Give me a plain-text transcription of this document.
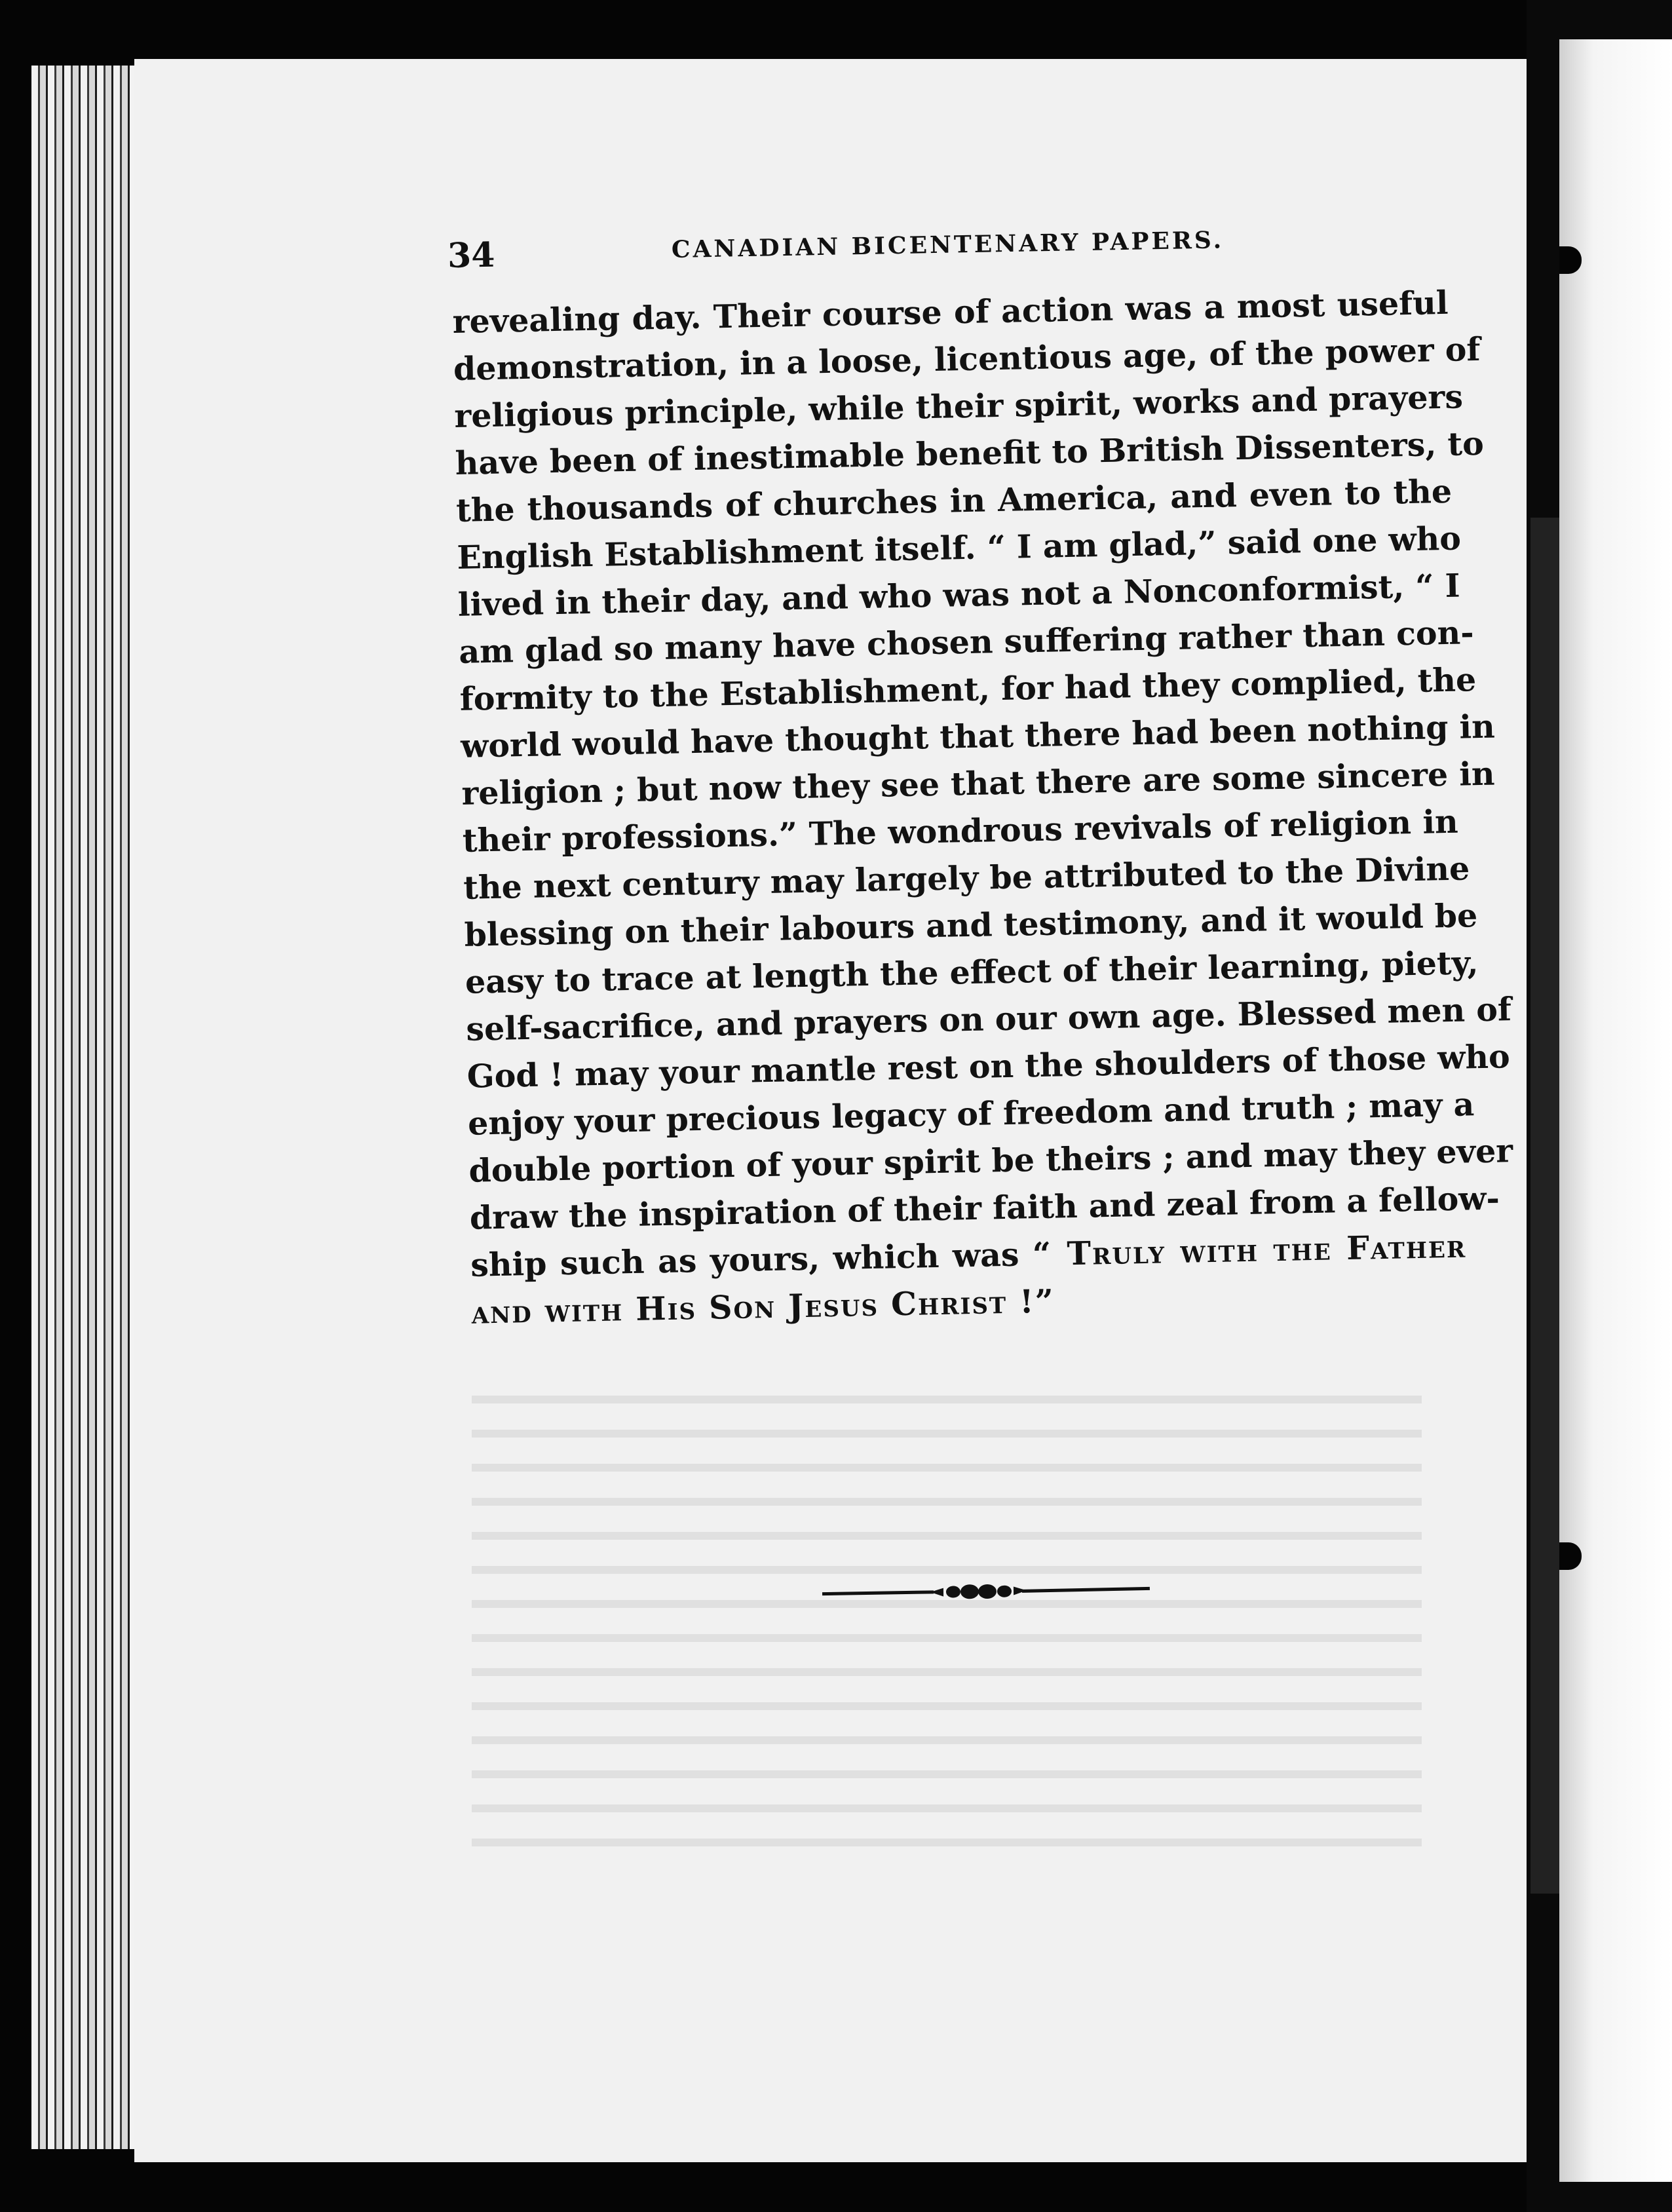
34	CANADIAN BICENTENARY PAPERS.
revealing day. Their course of action was a most useful
demonstration, in a loose, licentious age, of the power of
religious principle, while their spirit, works and prayers
have been of inestimable benefit to British Dissenters, to
the thousands of churches in America, and even to the
English Establishment itself. “ I am glad,” said one who
lived in their day, and who was not a Nonconformist, “ I
am glad so many have chosen suffering rather than con-
formity to the Establishment, for had they complied, the
world would have thought that there had been nothing in
religion ; but now they see that there are some sincere in
their professions.” The wondrous revivals of religion in
the next century may largely be attributed to the Divine
blessing on their labours and testimony, and it would be
easy to trace at length the effect of their learning, piety,
self-sacrifice, and prayers on our own age. Blessed men of
God ! may your mantle rest on the shoulders of those who
enjoy your precious legacy of freedom and truth ; may a
double portion of your spirit be theirs ; and may they ever
draw the inspiration of their faith and zeal from a fellow-
ship such as yours, which was “ Truly with the Father
and with His Son Jesus Christ !”
